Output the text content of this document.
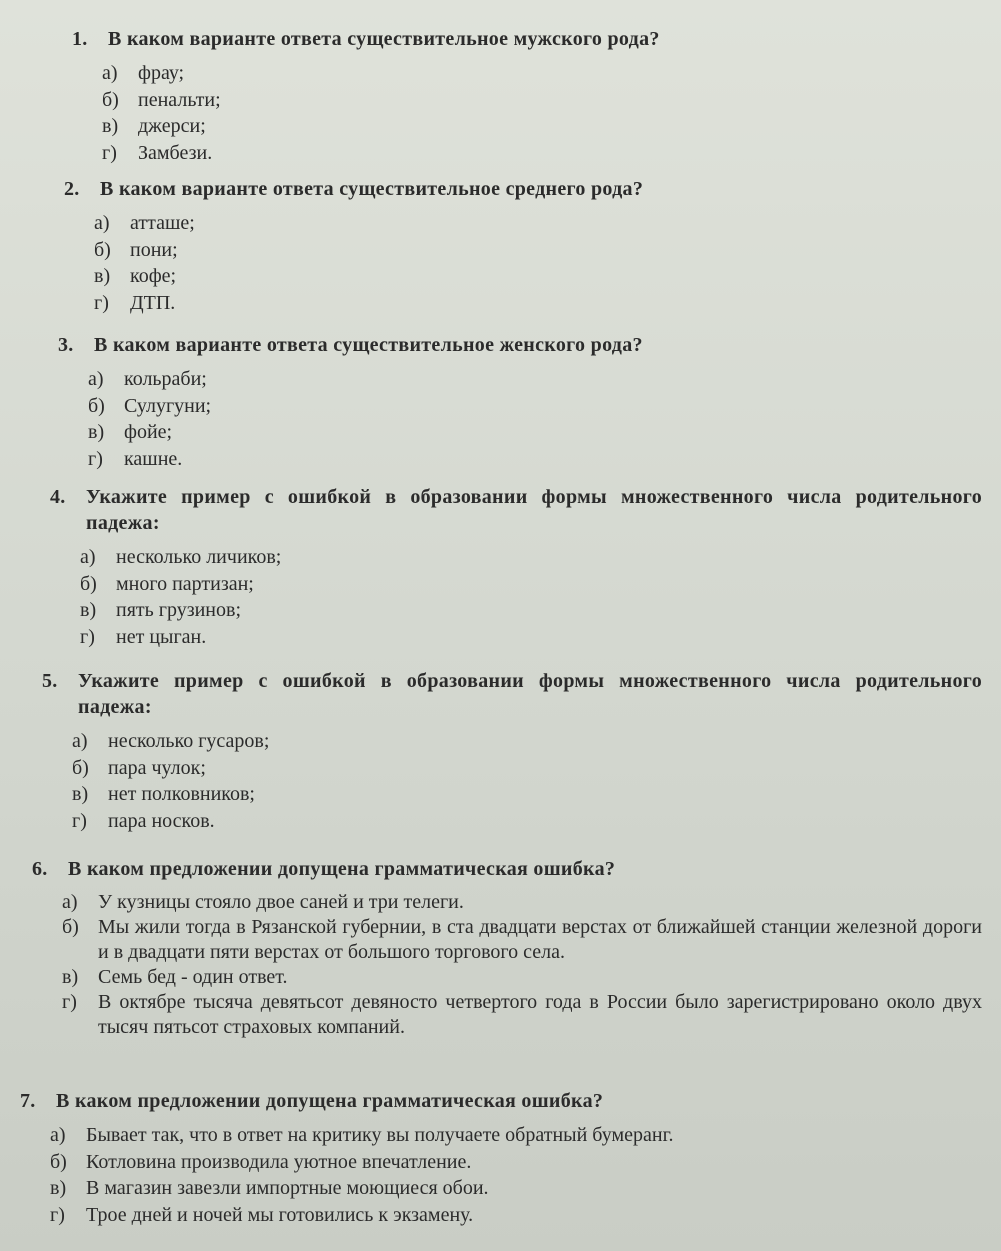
1.	В каком варианте ответа существительное мужского рода?
а)	фрау;
б) пенальти;
в) джерси;
г)	Замбези.
2.	В каком варианте ответа существительное среднего рода?
а)	атташе;
б) пони;
в) кофе;
г)	ДТП.
3.	В каком варианте ответа существительное женского рода?
а)	кольраби;
б) Сулугуни;
в) фойе;
г)	кашне.
4.	Укажите пример с ошибкой в образовании формы множественного числа родительного падежа:
а)	несколько личиков;
б) много партизан;
в) пять грузинов;
г)	нет цыган.
5.	Укажите пример с ошибкой в образовании формы множественного числа родительного падежа:
а)	несколько гусаров;
б) пара чулок;
в) нет полковников;
г)	пара носков.
6.	В каком предложении допущена грамматическая ошибка?
а)	У кузницы стояло двое саней и три телеги.
б) Мы жили тогда в Рязанской губернии, в ста двадцати верстах от ближайшей станции железной дороги и в двадцати пяти верстах от большого торгового села.
в) Семь бед - один ответ.
г)	В октябре тысяча девятьсот девяносто четвертого года в России было зарегистрировано около двух тысяч пятьсот страховых компаний.
7.	В каком предложении допущена грамматическая ошибка?
а)	Бывает так, что в ответ на критику вы получаете обратный бумеранг.
б) Котловина производила уютное впечатление.
в) В магазин завезли импортные моющиеся обои.
г)	Трое дней и ночей мы готовились к экзамену.
